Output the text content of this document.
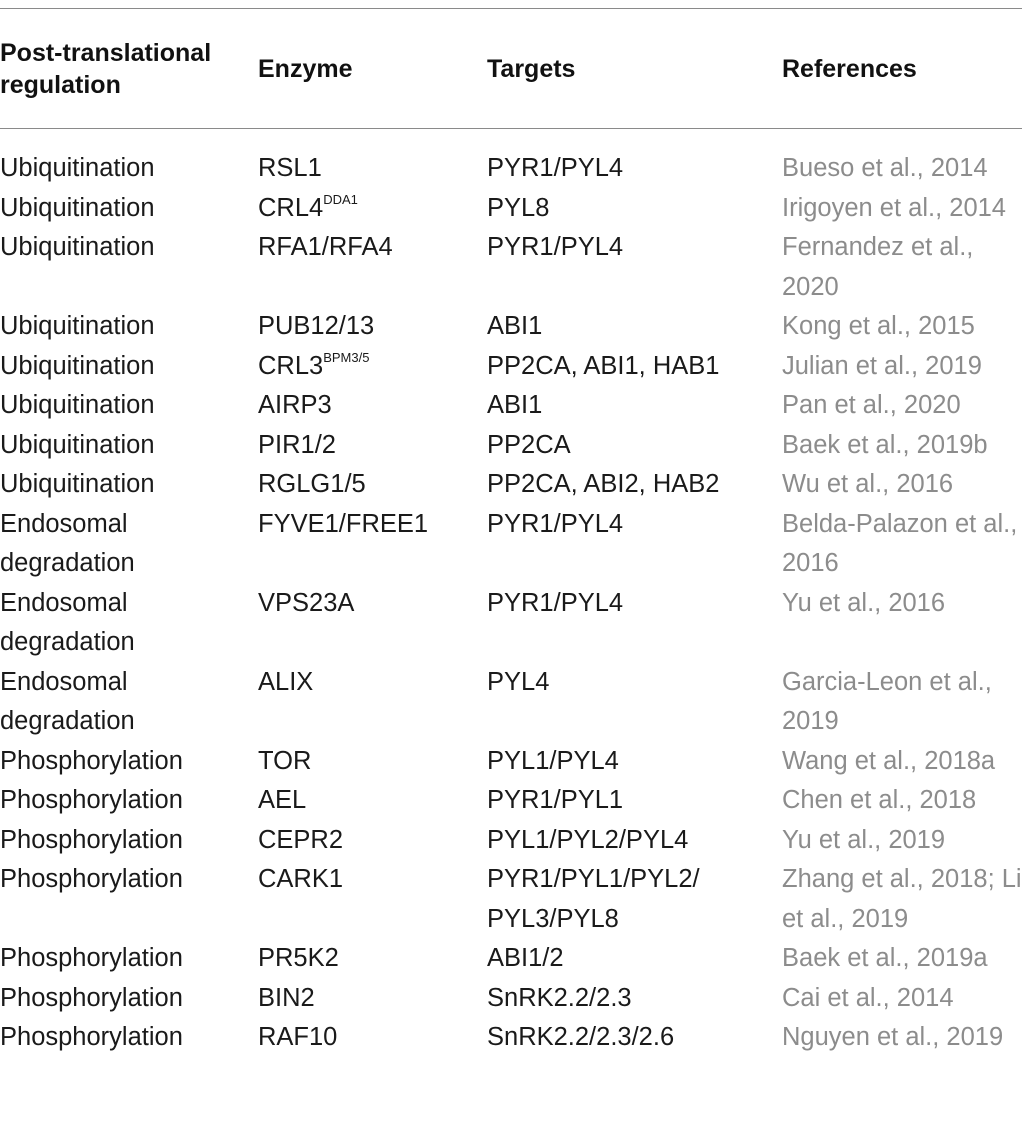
Post-translational regulation	Enzyme	Targets	References
Ubiquitination	RSL1	PYR1/PYL4	Bueso et al., 2014
Ubiquitination	$CRL4^{DDA1}$	PYL8	Irigoyen et al., 2014
Ubiquitination	RFA1/RFA4	PYR1/PYL4	Fernandez et al., 2020
Ubiquitination	PUB12/13	ABI1	Kong et al., 2015
Ubiquitination	$CRL3^{BPM3/5}$	PP2CA, ABI1, HAB1	Julian et al., 2019
Ubiquitination	AIRP3	ABI1	Pan et al., 2020
Ubiquitination	PIR1/2	PP2CA	Baek et al., 2019b
Ubiquitination	RGLG1/5	PP2CA, ABI2, HAB2	Wu et al., 2016
Endosomal degradation	FYVE1/FREE1	PYR1/PYL4	Belda-Palazon et al., 2016
Endosomal degradation	VPS23A	PYR1/PYL4	Yu et al., 2016
Endosomal degradation	ALIX	PYL4	Garcia-Leon et al., 2019
Phosphorylation	TOR	PYL1/PYL4	Wang et al., 2018a
Phosphorylation	AEL	PYR1/PYL1	Chen et al., 2018
Phosphorylation	CEPR2	PYL1/PYL2/PYL4	Yu et al., 2019
Phosphorylation	CARK1	PYR1/PYL1/PYL2/ PYL3/PYL8	Zhang et al., 2018; Li et al., 2019
Phosphorylation	PR5K2	ABI1/2	Baek et al., 2019a
Phosphorylation	BIN2	SnRK2.2/2.3	Cai et al., 2014
Phosphorylation	RAF10	SnRK2.2/2.3/2.6	Nguyen et al., 2019
